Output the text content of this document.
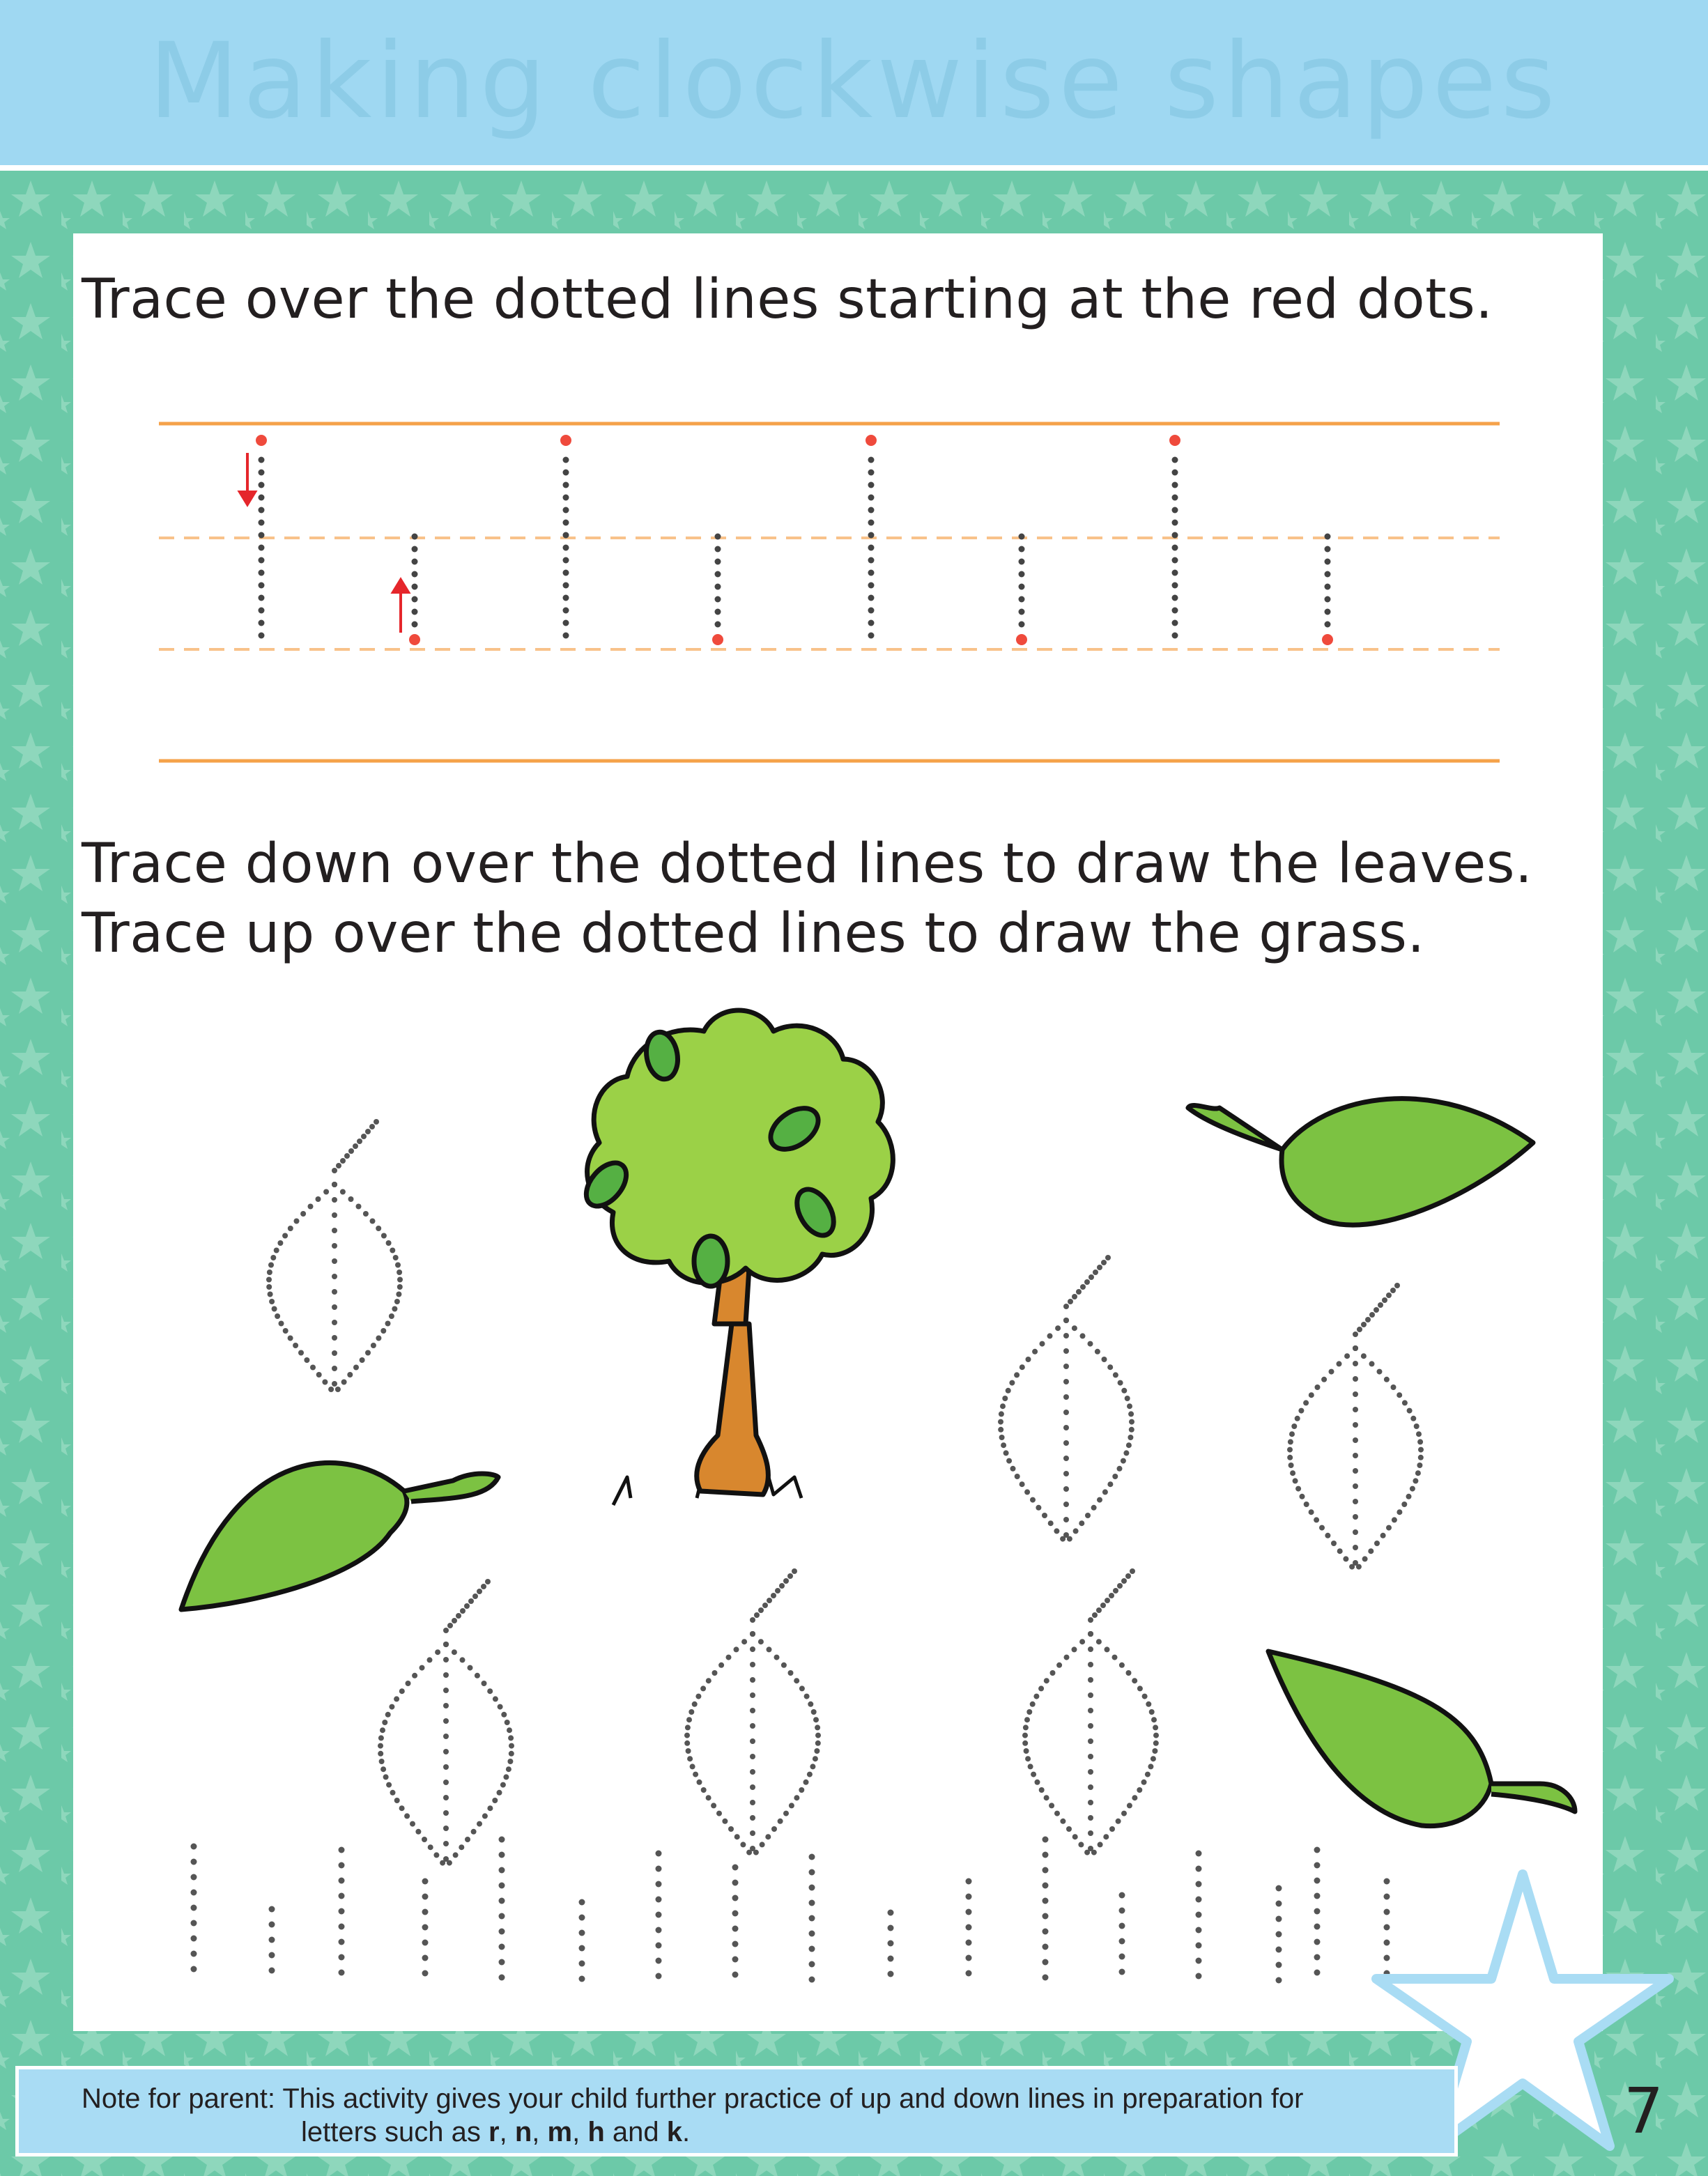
Making clockwise shapes
Trace over the dotted lines starting at the red dots.
Trace down over the dotted lines to draw the leaves.
Trace up over the dotted lines to draw the grass.
Note for parent: This activity gives your child further practice of up and down lines in preparation for
letters such as r, n, m, h and k.	7
